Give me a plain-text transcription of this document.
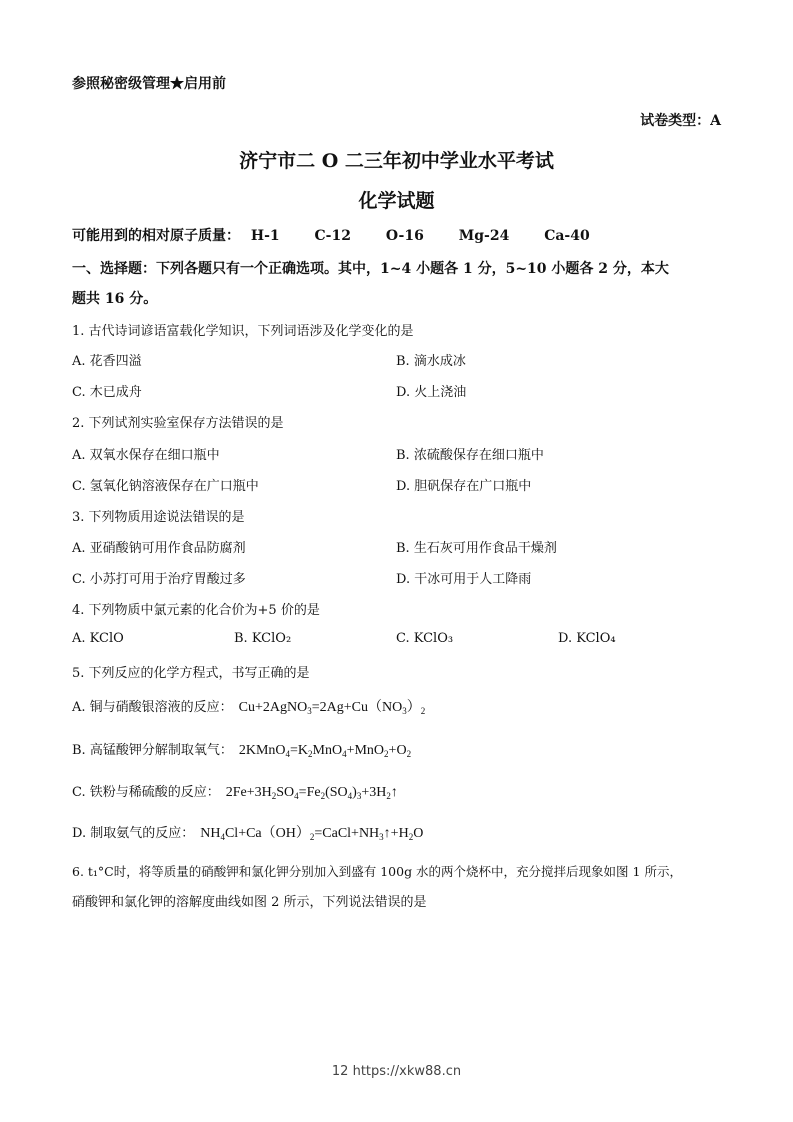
参照秘密级管理★启用前
试卷类型：A
济宁市二 O 二三年初中学业水平考试
化学试题
可能用到的相对原子质量： H-1 C-12 O-16 Mg-24 Ca-40
一、选择题：下列各题只有一个正确选项。其中，1~4 小题各 1 分，5~10 小题各 2 分，本大
题共 16 分。
1. 古代诗词谚语富载化学知识，下列词语涉及化学变化的是
A. 花香四溢	B. 滴水成冰
C. 木已成舟	D. 火上浇油
2. 下列试剂实验室保存方法错误的是
A. 双氧水保存在细口瓶中	B. 浓硫酸保存在细口瓶中
C. 氢氧化钠溶液保存在广口瓶中	D. 胆矾保存在广口瓶中
3. 下列物质用途说法错误的是
A. 亚硝酸钠可用作食品防腐剂	B. 生石灰可用作食品干燥剂
C. 小苏打可用于治疗胃酸过多	D. 干冰可用于人工降雨
4. 下列物质中氯元素的化合价为+5 价的是
A. KClO	B. KClO₂	C. KClO₃	D. KClO₄
5. 下列反应的化学方程式，书写正确的是
A. 铜与硝酸银溶液的反应： $Cu+2AgNO_3=2Ag+Cu(NO_3)_2$
B. 高锰酸钾分解制取氧气： $2KMnO_4=K_2MnO_4+MnO_2+O_2$
C. 铁粉与稀硫酸的反应： $2Fe+3H_2SO_4=Fe_2(SO_4)_3+3H_2↑$
D. 制取氨气的反应： $NH_4Cl+Ca(OH)_2=CaCl+NH_3↑+H_2O$
6. t₁°C时，将等质量的硝酸钾和氯化钾分别加入到盛有 100g 水的两个烧杯中，充分搅拌后现象如图 1 所示，
硝酸钾和氯化钾的溶解度曲线如图 2 所示，下列说法错误的是
12 https://xkw88.cn
